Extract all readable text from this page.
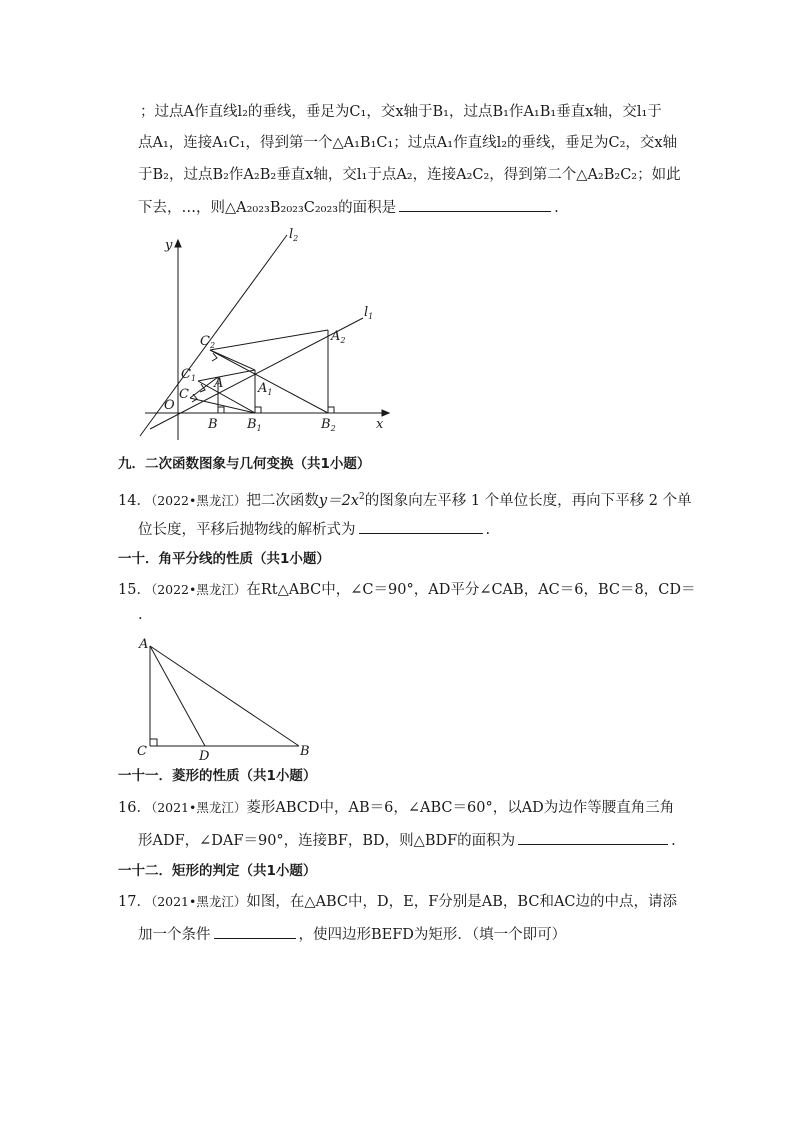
；过点A作直线l₂的垂线，垂足为C₁，交x轴于B₁，过点B₁作A₁B₁垂直x轴，交l₁于
点A₁，连接A₁C₁，得到第一个△A₁B₁C₁；过点A₁作直线l₂的垂线，垂足为C₂，交x轴
于B₂，过点B₂作A₂B₂垂直x轴，交l₁于点A₂，连接A₂C₂，得到第二个△A₂B₂C₂；如此
下去，…，则△A₂₀₂₃B₂₀₂₃C₂₀₂₃的面积是	.
y
$l_2$
$l_1$
$C_2$
$A_2$
$C_1$
C
A	$A_1$
O
B $B_1$	$B_2$	x
九．二次函数图象与几何变换（共1小题）
14．（2022•黑龙江）把二次函数$y=2x^2$的图象向左平移 1 个单位长度，再向下平移 2 个单
位长度，平移后抛物线的解析式为	.
一十．角平分线的性质（共1小题）
15．（2022•黑龙江）在Rt△ABC中，∠C＝90°，AD平分∠CAB，AC＝6，BC＝8，CD＝
.
A
C	D	B
一十一．菱形的性质（共1小题）
16．（2021•黑龙江）菱形ABCD中，AB＝6，∠ABC＝60°，以AD为边作等腰直角三角
形ADF，∠DAF＝90°，连接BF，BD，则△BDF的面积为	.
一十二．矩形的判定（共1小题）
17．（2021•黑龙江）如图，在△ABC中，D，E，F分别是AB，BC和AC边的中点，请添
加一个条件	，使四边形BEFD为矩形．（填一个即可）
